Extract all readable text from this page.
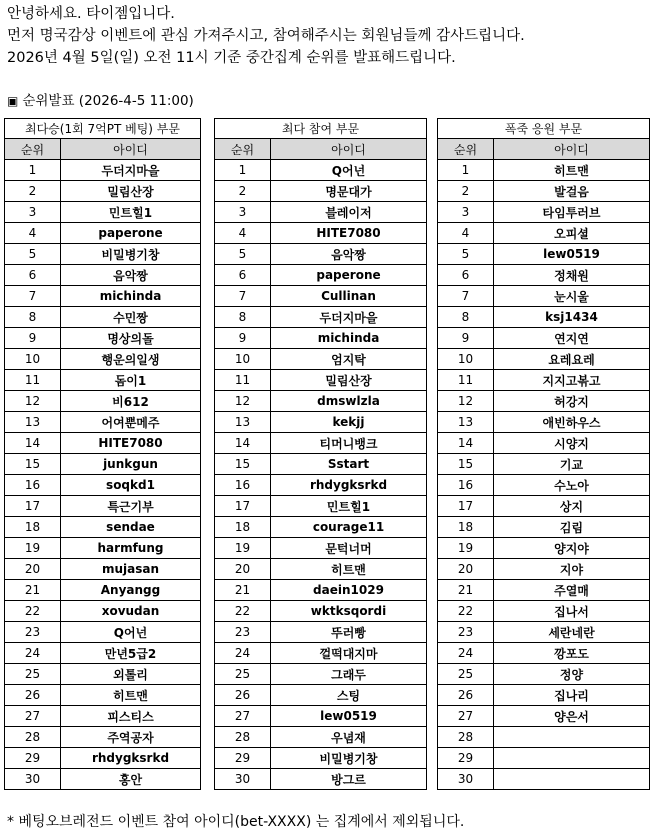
안녕하세요. 타이젬입니다.
먼저 명국감상 이벤트에 관심 가져주시고, 참여해주시는 회원님들께 감사드립니다.
2026년 4월 5일(일) 오전 11시 기준 중간집계 순위를 발표해드립니다.
▣ 순위발표 (2026-4-5 11:00)
최다승(1회 7억PT 베팅) 부문	
순위	아이디
1	두더지마을
2	밀림산장
3	민트힐1
4	paperone
5	비밀병기창
6	음악짱
7	michinda
8	수민짱
9	명상의돌
10	행운의일생
11	돔이1
12	비612
13	어여뿐메주
14	HITE7080
15	junkgun
16	soqkd1
17	특근기부
18	sendae
19	harmfung
20	mujasan
21	Anyangg
22	xovudan
23	Q어넌
24	만년5급2
25	외톨리
26	히트맨
27	피스티스
28	주역공자
29	rhdygksrkd
30	홍안
최다 참여 부문	
순위	아이디
1	Q어넌
2	명문대가
3	블레이저
4	HITE7080
5	음악짱
6	paperone
7	Cullinan
8	두더지마을
9	michinda
10	엄지탁
11	밀림산장
12	dmswlzla
13	kekjj
14	티머니뱅크
15	Sstart
16	rhdygksrkd
17	민트힐1
18	courage11
19	문턱너머
20	히트맨
21	daein1029
22	wktksqordi
23	뚜러빵
24	껄떡대지마
25	그래두
26	스팅
27	lew0519
28	우념재
29	비밀병기창
30	방그르
폭죽 응원 부문	
순위	아이디
1	히트맨
2	발걸음
3	타임투러브
4	오피셜
5	lew0519
6	정채원
7	눈시울
8	ksj1434
9	연지연
10	요레요레
11	지지고볶고
12	허강지
13	애빈하우스
14	시양지
15	기교
16	수노아
17	상지
18	김림
19	양지야
20	지야
21	주열매
22	집나서
23	세란네란
24	깡포도
25	정양
26	집나리
27	양은서
28	
29	
30	
* 베팅오브레전드 이벤트 참여 아이디(bet-XXXX) 는 집계에서 제외됩니다.
